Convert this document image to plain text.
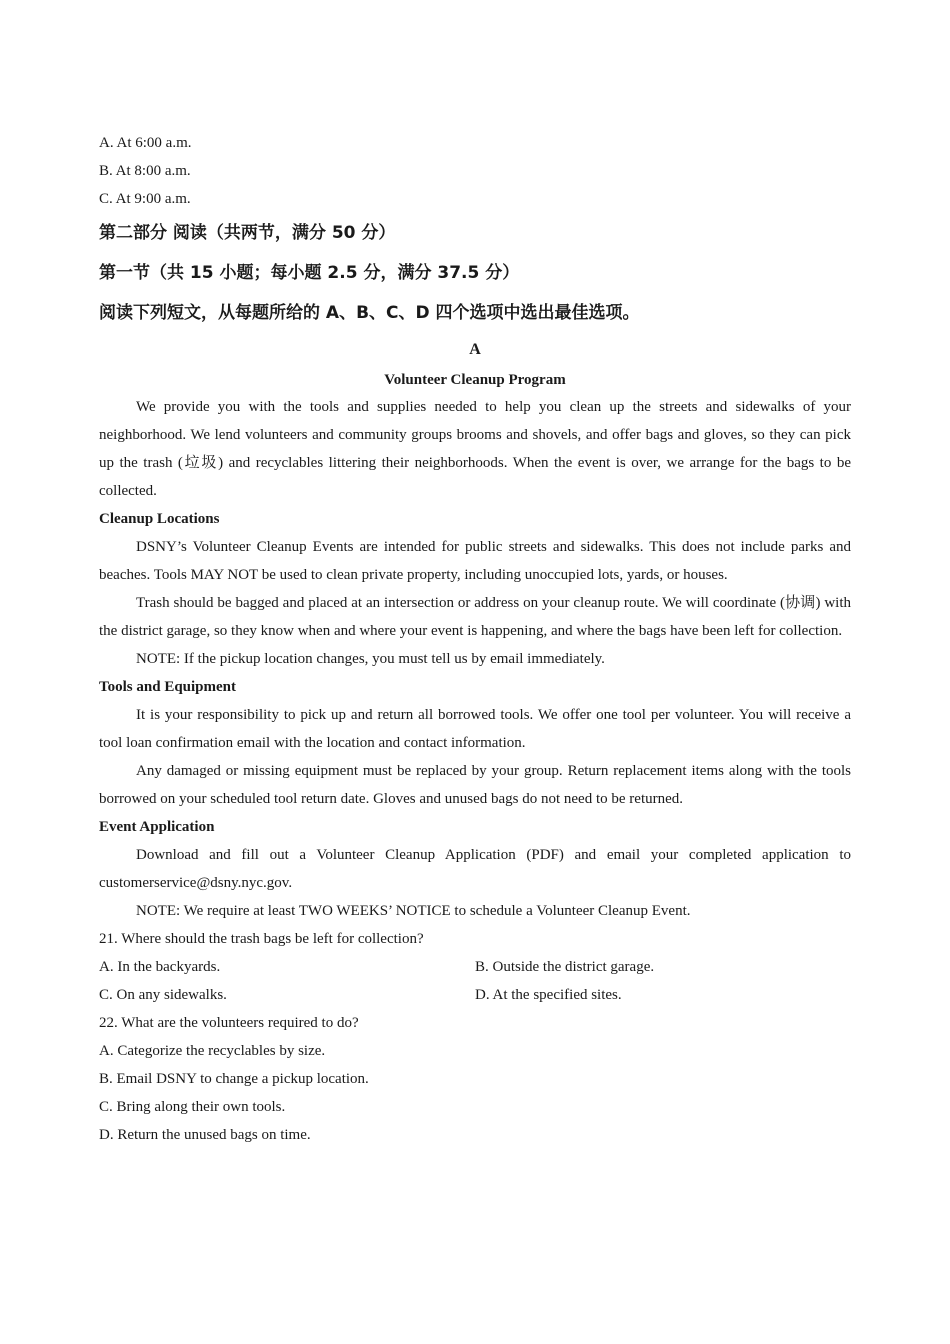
A. At 6:00 a.m.
B. At 8:00 a.m.
C. At 9:00 a.m.
第二部分 阅读（共两节，满分 50 分）
第一节（共 15 小题；每小题 2.5 分，满分 37.5 分）
阅读下列短文，从每题所给的 A、B、C、D 四个选项中选出最佳选项。
A
Volunteer Cleanup Program
We provide you with the tools and supplies needed to help you clean up the streets and sidewalks of your neighborhood. We lend volunteers and community groups brooms and shovels, and offer bags and gloves, so they can pick up the trash (垃圾) and recyclables littering their neighborhoods. When the event is over, we arrange for the bags to be collected.
Cleanup Locations
DSNY’s Volunteer Cleanup Events are intended for public streets and sidewalks. This does not include parks and beaches. Tools MAY NOT be used to clean private property, including unoccupied lots, yards, or houses.
Trash should be bagged and placed at an intersection or address on your cleanup route. We will coordinate (协调) with the district garage, so they know when and where your event is happening, and where the bags have been left for collection.
NOTE: If the pickup location changes, you must tell us by email immediately.
Tools and Equipment
It is your responsibility to pick up and return all borrowed tools. We offer one tool per volunteer. You will receive a tool loan confirmation email with the location and contact information.
Any damaged or missing equipment must be replaced by your group. Return replacement items along with the tools borrowed on your scheduled tool return date. Gloves and unused bags do not need to be returned.
Event Application
Download and fill out a Volunteer Cleanup Application (PDF) and email your completed application to customerservice@dsny.nyc.gov.
NOTE: We require at least TWO WEEKS’ NOTICE to schedule a Volunteer Cleanup Event.
21. Where should the trash bags be left for collection?
A. In the backyards.	B. Outside the district garage.
C. On any sidewalks.	D. At the specified sites.
22. What are the volunteers required to do?
A. Categorize the recyclables by size.
B. Email DSNY to change a pickup location.
C. Bring along their own tools.
D. Return the unused bags on time.
